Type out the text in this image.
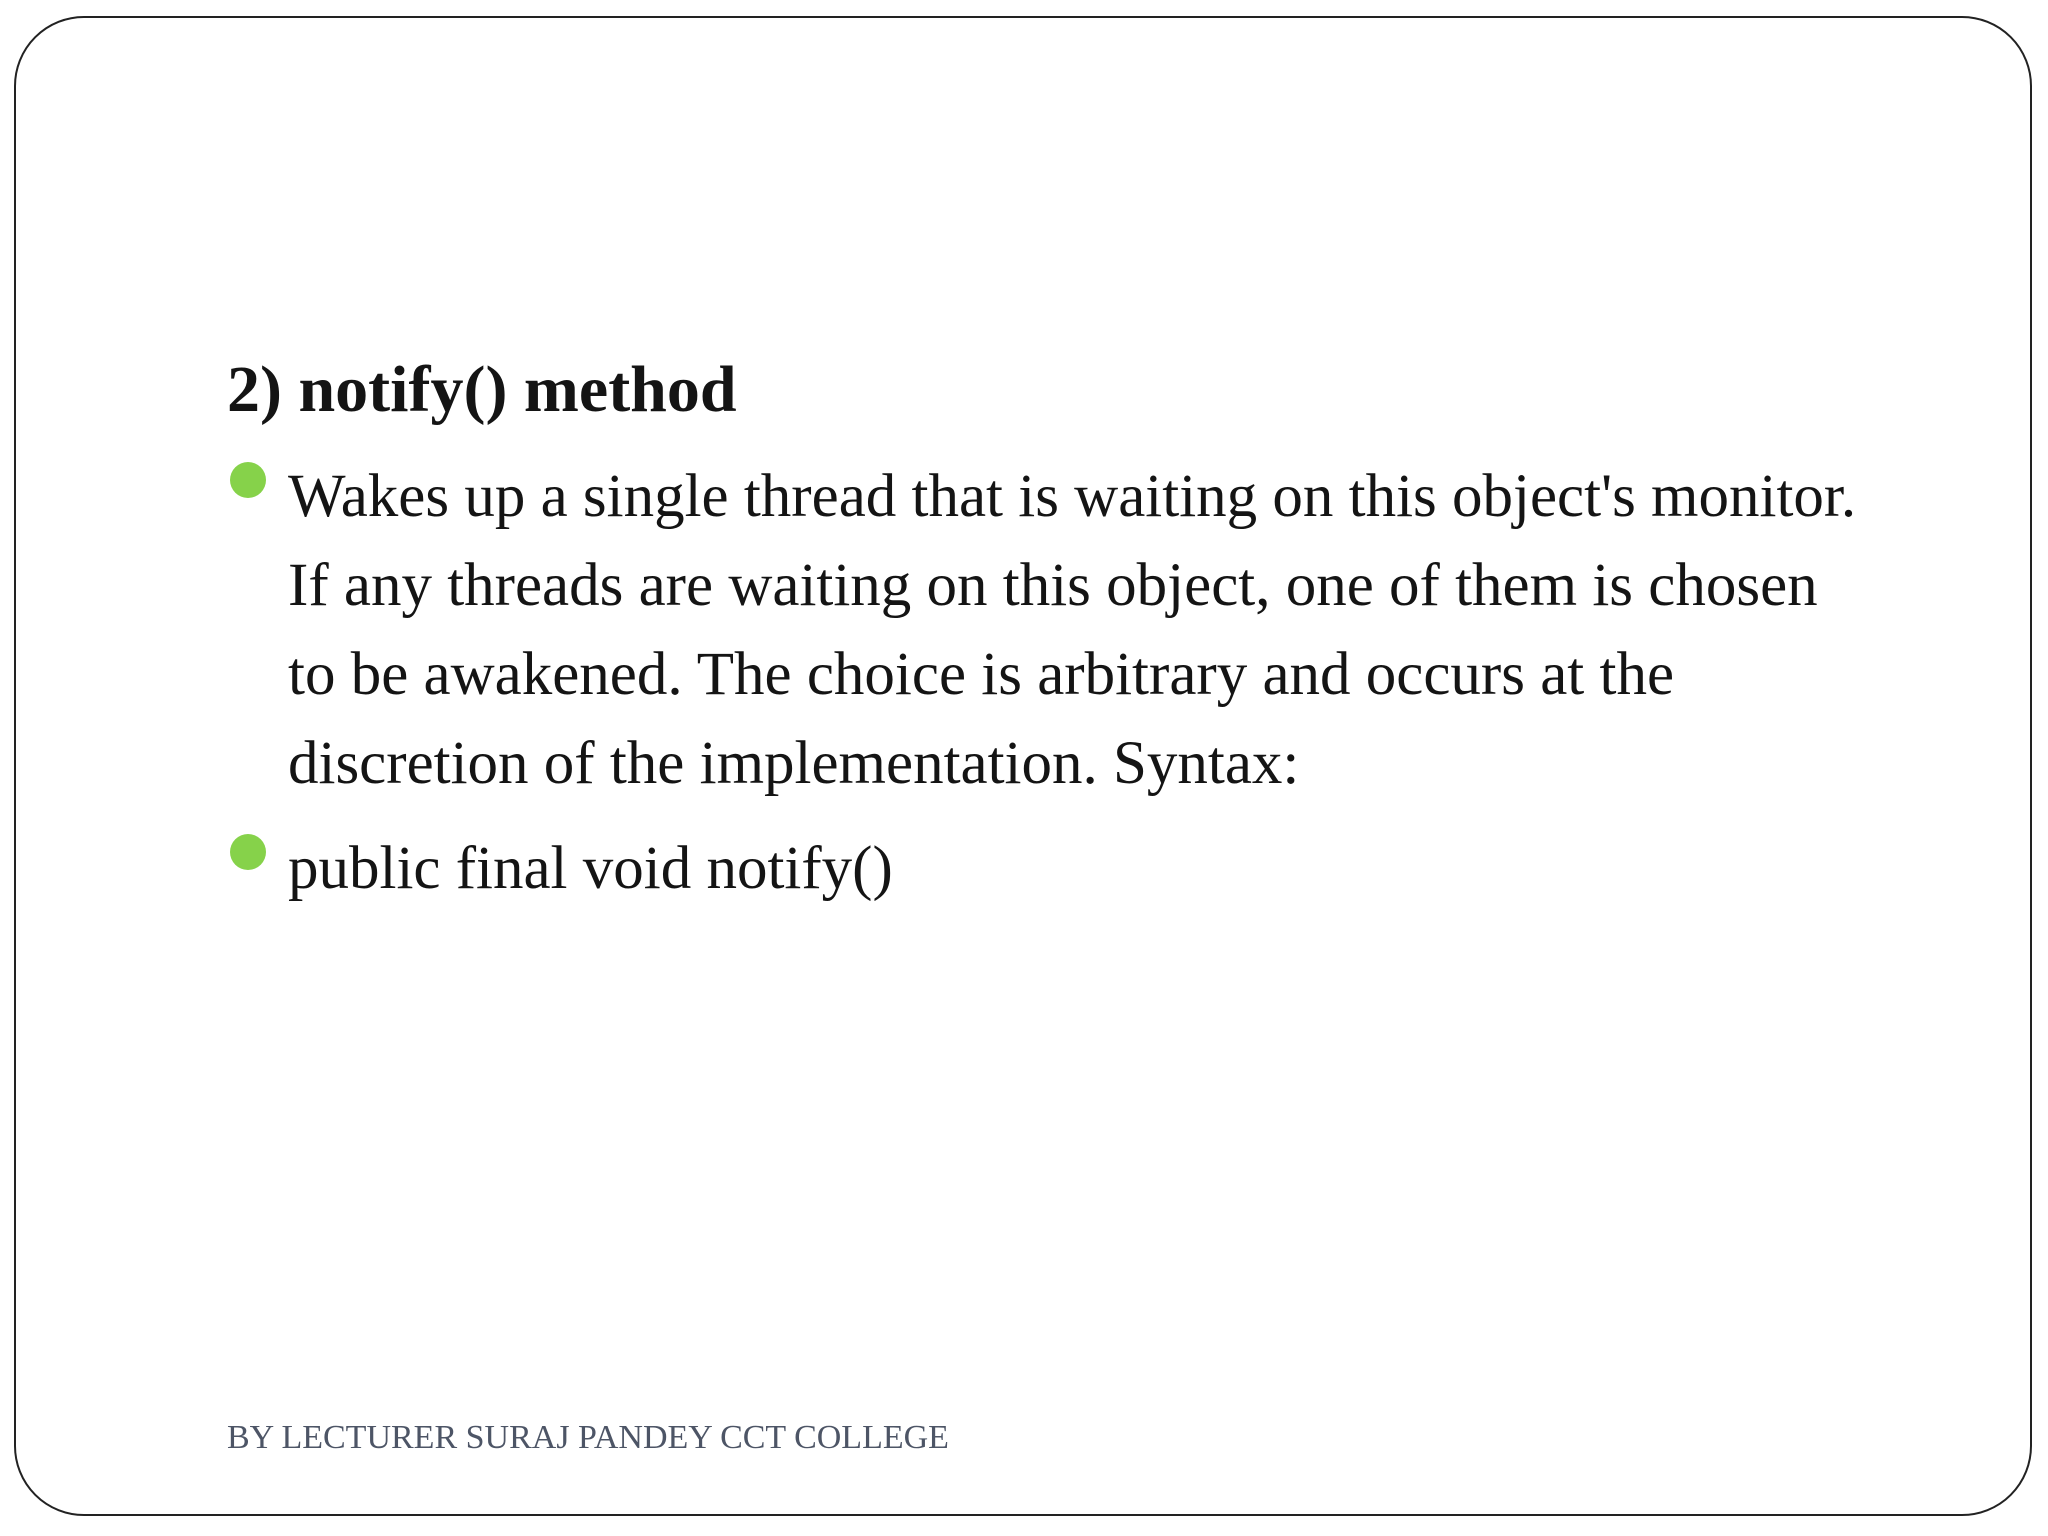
2) notify() method
Wakes up a single thread that is waiting on this object's monitor. If any threads are waiting on this object, one of them is chosen to be awakened. The choice is arbitrary and occurs at the discretion of the implementation. Syntax:
public final void notify()

BY LECTURER SURAJ PANDEY CCT COLLEGE
